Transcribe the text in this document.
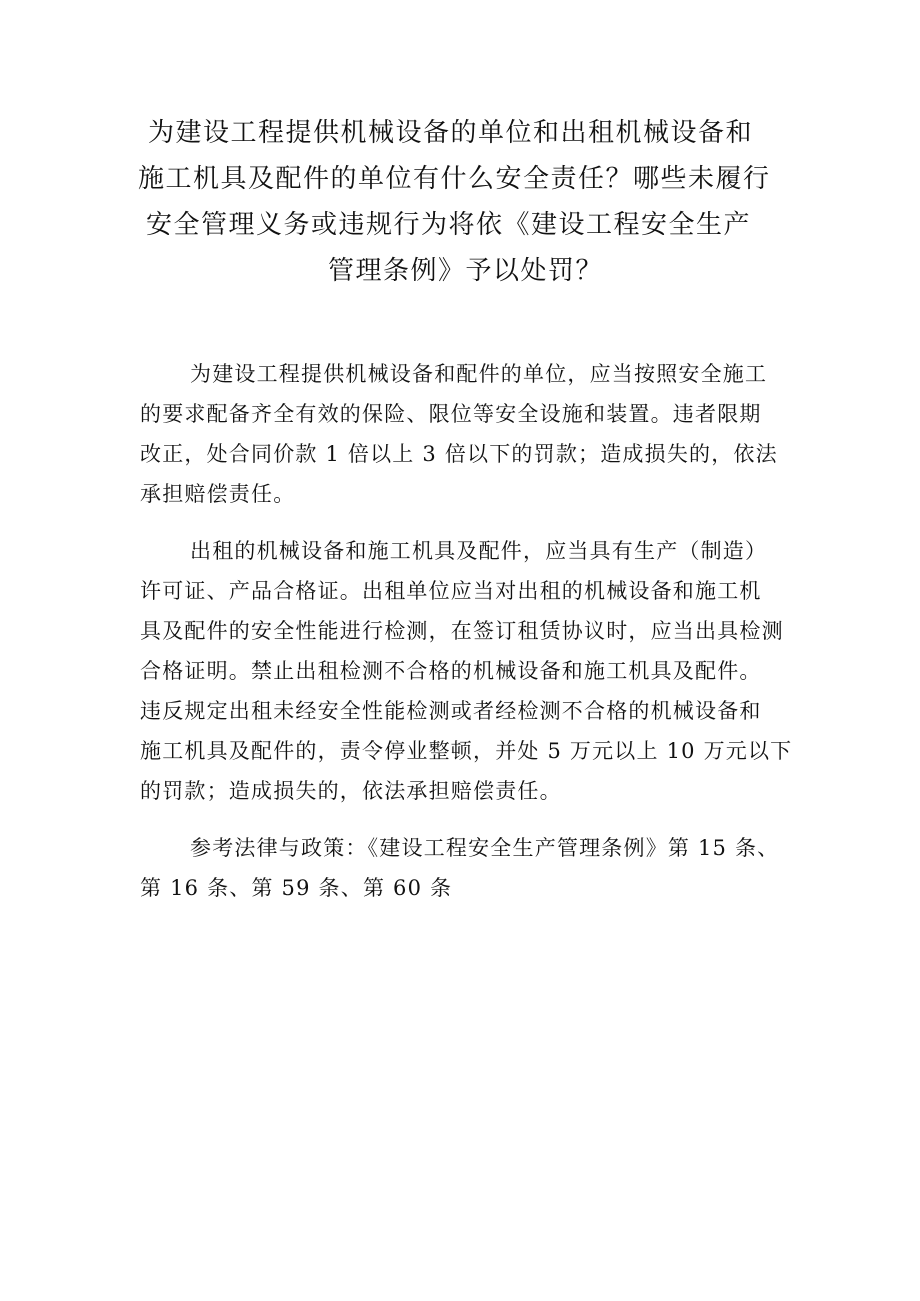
为建设工程提供机械设备的单位和出租机械设备和
施工机具及配件的单位有什么安全责任？哪些未履行
安全管理义务或违规行为将依《建设工程安全生产
管理条例》予以处罚？
为建设工程提供机械设备和配件的单位，应当按照安全施工
的要求配备齐全有效的保险、限位等安全设施和装置。违者限期
改正，处合同价款 1 倍以上 3 倍以下的罚款；造成损失的，依法
承担赔偿责任。
出租的机械设备和施工机具及配件，应当具有生产（制造）
许可证、产品合格证。出租单位应当对出租的机械设备和施工机
具及配件的安全性能进行检测，在签订租赁协议时，应当出具检测
合格证明。禁止出租检测不合格的机械设备和施工机具及配件。
违反规定出租未经安全性能检测或者经检测不合格的机械设备和
施工机具及配件的，责令停业整顿，并处 5 万元以上 10 万元以下
的罚款；造成损失的，依法承担赔偿责任。
参考法律与政策：《建设工程安全生产管理条例》第 15 条、
第 16 条、第 59 条、第 60 条
